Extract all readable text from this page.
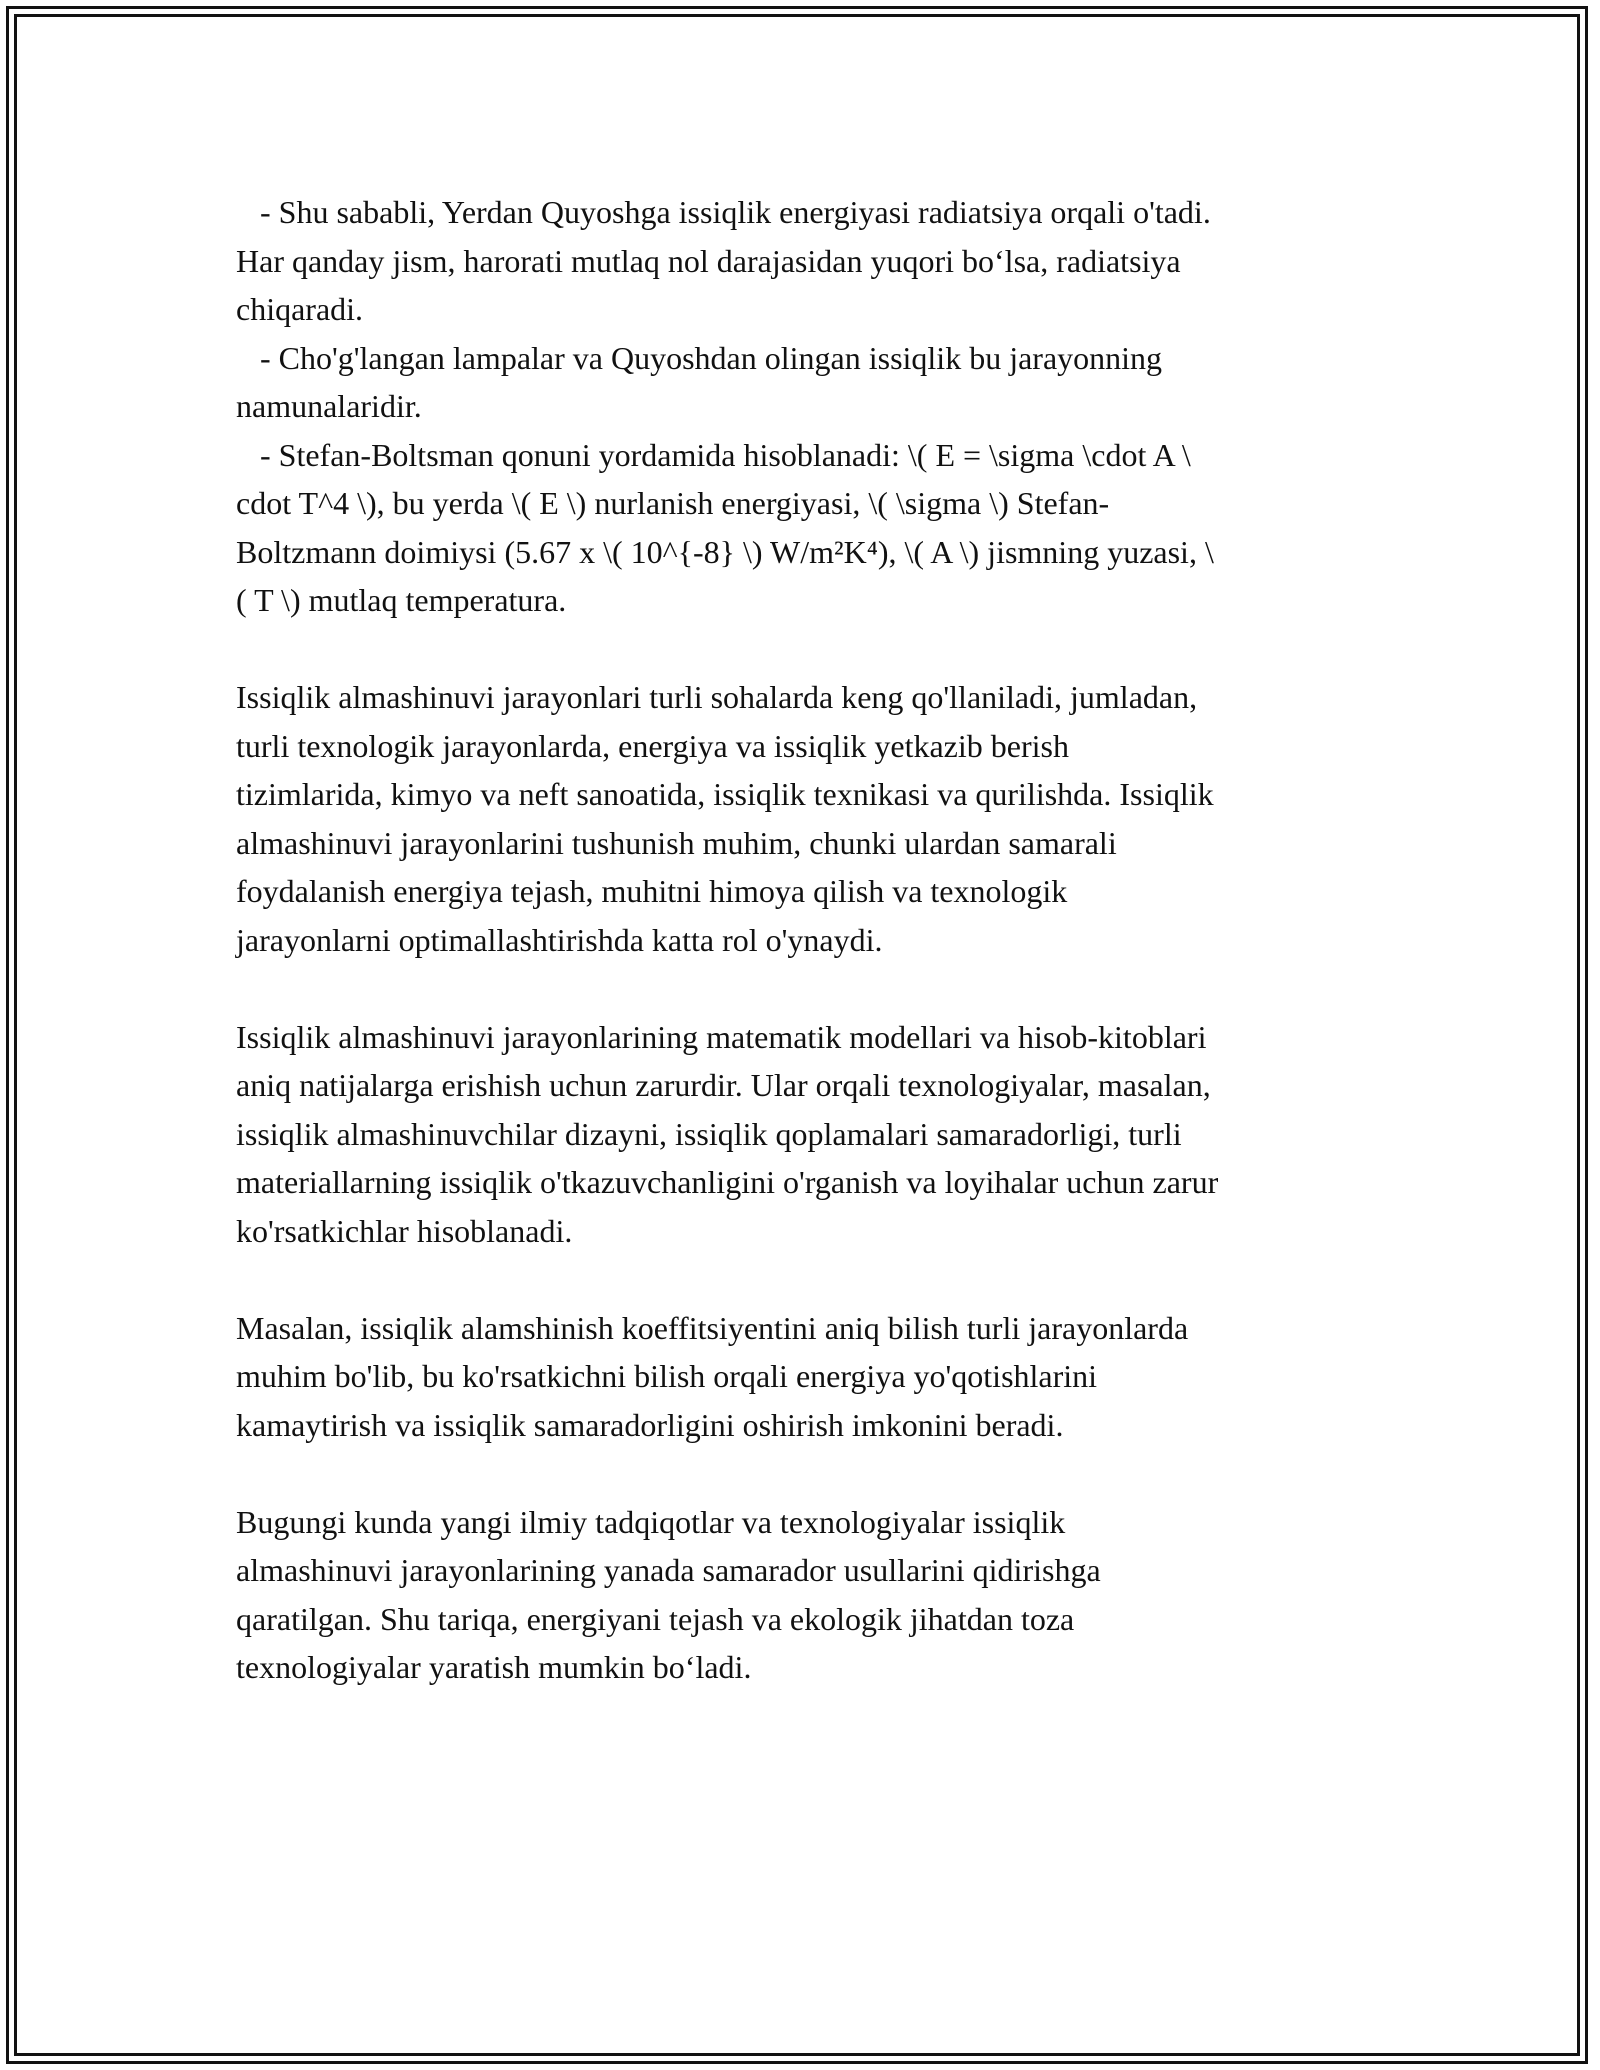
- Shu sababli, Yerdan Quyoshga issiqlik energiyasi radiatsiya orqali o'tadi.
Har qanday jism, harorati mutlaq nol darajasidan yuqori bo‘lsa, radiatsiya
chiqaradi.
- Cho'g'langan lampalar va Quyoshdan olingan issiqlik bu jarayonning
namunalaridir.
- Stefan-Boltsman qonuni yordamida hisoblanadi: \( E = \sigma \cdot A \
cdot T^4 \), bu yerda \( E \) nurlanish energiyasi, \( \sigma \) Stefan-
Boltzmann doimiysi (5.67 x \( 10^{-8} \) W/m²K⁴), \( A \) jismning yuzasi, \
( T \) mutlaq temperatura.
Issiqlik almashinuvi jarayonlari turli sohalarda keng qo'llaniladi, jumladan,
turli texnologik jarayonlarda, energiya va issiqlik yetkazib berish
tizimlarida, kimyo va neft sanoatida, issiqlik texnikasi va qurilishda. Issiqlik
almashinuvi jarayonlarini tushunish muhim, chunki ulardan samarali
foydalanish energiya tejash, muhitni himoya qilish va texnologik
jarayonlarni optimallashtirishda katta rol o'ynaydi.
Issiqlik almashinuvi jarayonlarining matematik modellari va hisob-kitoblari
aniq natijalarga erishish uchun zarurdir. Ular orqali texnologiyalar, masalan,
issiqlik almashinuvchilar dizayni, issiqlik qoplamalari samaradorligi, turli
materiallarning issiqlik o'tkazuvchanligini o'rganish va loyihalar uchun zarur
ko'rsatkichlar hisoblanadi.
Masalan, issiqlik alamshinish koeffitsiyentini aniq bilish turli jarayonlarda
muhim bo'lib, bu ko'rsatkichni bilish orqali energiya yo'qotishlarini
kamaytirish va issiqlik samaradorligini oshirish imkonini beradi.
Bugungi kunda yangi ilmiy tadqiqotlar va texnologiyalar issiqlik
almashinuvi jarayonlarining yanada samarador usullarini qidirishga
qaratilgan. Shu tariqa, energiyani tejash va ekologik jihatdan toza
texnologiyalar yaratish mumkin bo‘ladi.
